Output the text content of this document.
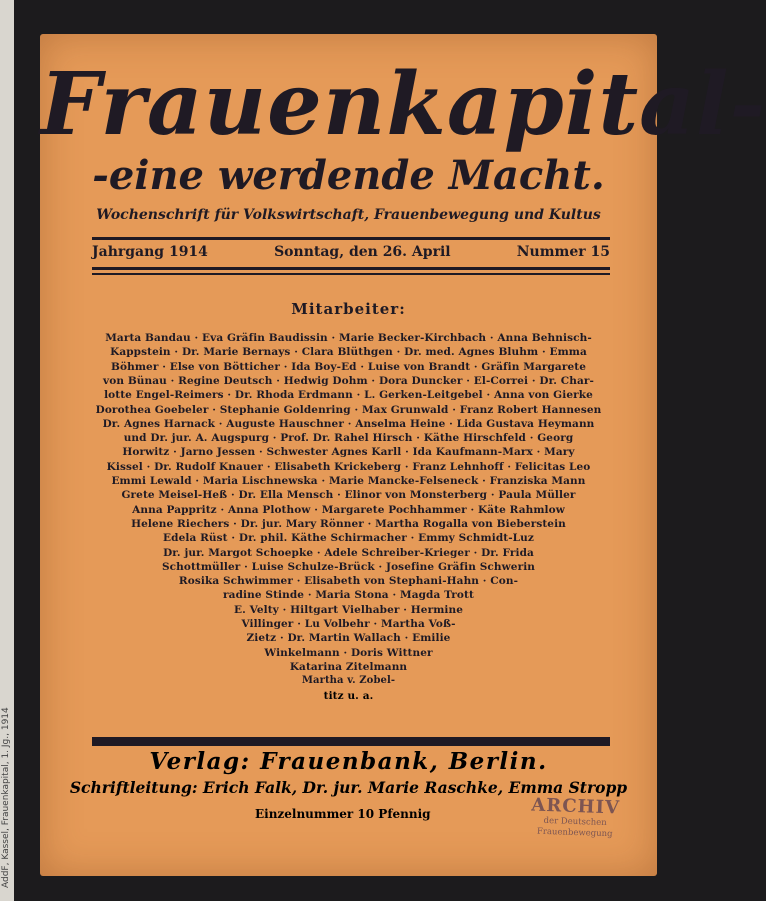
AddF, Kassel, Frauenkapital, 1. Jg., 1914
Frauenkapital-
-eine werdende Macht.
Wochenschrift für Volkswirtschaft, Frauenbewegung und Kultus
Jahrgang 1914	Sonntag, den 26. April	Nummer 15
Mitarbeiter:
Marta Bandau · Eva Gräfin Baudissin · Marie Becker-Kirchbach · Anna Behnisch-
Kappstein · Dr. Marie Bernays · Clara Blüthgen · Dr. med. Agnes Bluhm · Emma
Böhmer · Else von Bötticher · Ida Boy-Ed · Luise von Brandt · Gräfin Margarete
von Bünau · Regine Deutsch · Hedwig Dohm · Dora Duncker · El-Correi · Dr. Char-
lotte Engel-Reimers · Dr. Rhoda Erdmann · L. Gerken-Leitgebel · Anna von Gierke
Dorothea Goebeler · Stephanie Goldenring · Max Grunwald · Franz Robert Hannesen
Dr. Agnes Harnack · Auguste Hauschner · Anselma Heine · Lida Gustava Heymann
und Dr. jur. A. Augspurg · Prof. Dr. Rahel Hirsch · Käthe Hirschfeld · Georg
Horwitz · Jarno Jessen · Schwester Agnes Karll · Ida Kaufmann-Marx · Mary
Kissel · Dr. Rudolf Knauer · Elisabeth Krickeberg · Franz Lehnhoff · Felicitas Leo
Emmi Lewald · Maria Lischnewska · Marie Mancke-Felseneck · Franziska Mann
Grete Meisel-Heß · Dr. Ella Mensch · Elinor von Monsterberg · Paula Müller
Anna Pappritz · Anna Plothow · Margarete Pochhammer · Käte Rahmlow
Helene Riechers · Dr. jur. Mary Rönner · Martha Rogalla von Bieberstein
Edela Rüst · Dr. phil. Käthe Schirmacher · Emmy Schmidt-Luz
Dr. jur. Margot Schoepke · Adele Schreiber-Krieger · Dr. Frida
Schottmüller · Luise Schulze-Brück · Josefine Gräfin Schwerin
Rosika Schwimmer · Elisabeth von Stephani-Hahn · Con-
radine Stinde · Maria Stona · Magda Trott
E. Velty · Hiltgart Vielhaber · Hermine
Villinger · Lu Volbehr · Martha Voß-
Zietz · Dr. Martin Wallach · Emilie
Winkelmann · Doris Wittner
Katarina Zitelmann
Martha v. Zobel-
Verlag: Frauenbank, Berlin.
Schriftleitung: Erich Falk, Dr. jur. Marie Raschke, Emma Stropp
Einzelnummer 10 Pfennig	ARCHIV
der Deutschen
Frauenbewegung
titz u. a.
